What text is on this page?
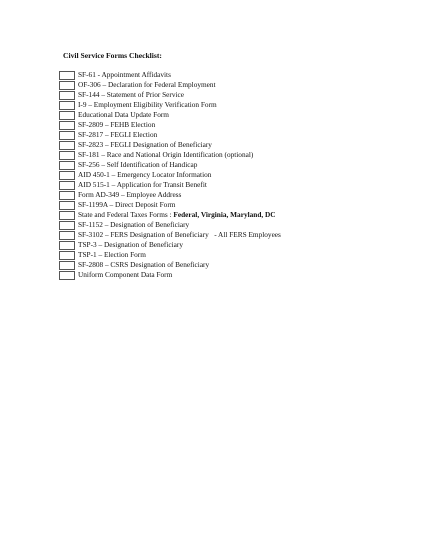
Civil Service Forms Checklist:
SF-61 - Appointment Affidavits
OF-306 – Declaration for Federal Employment
SF-144 – Statement of Prior Service
I-9 – Employment Eligibility Verification Form
Educational Data Update Form
SF-2809 – FEHB Election
SF-2817 – FEGLI Election
SF-2823 – FEGLI Designation of Beneficiary
SF-181 – Race and National Origin Identification (optional)
SF-256 – Self Identification of Handicap
AID 450-1 – Emergency Locator Information
AID 515-1 – Application for Transit Benefit
Form AD-349 – Employee Address
SF-1199A – Direct Deposit Form
State and Federal Taxes Forms : Federal, Virginia, Maryland, DC
SF-1152 – Designation of Beneficiary
SF-3102 – FERS Designation of Beneficiary   - All FERS Employees
TSP-3 – Designation of Beneficiary
TSP-1 – Election Form
SF-2808 – CSRS Designation of Beneficiary
Uniform Component Data Form
